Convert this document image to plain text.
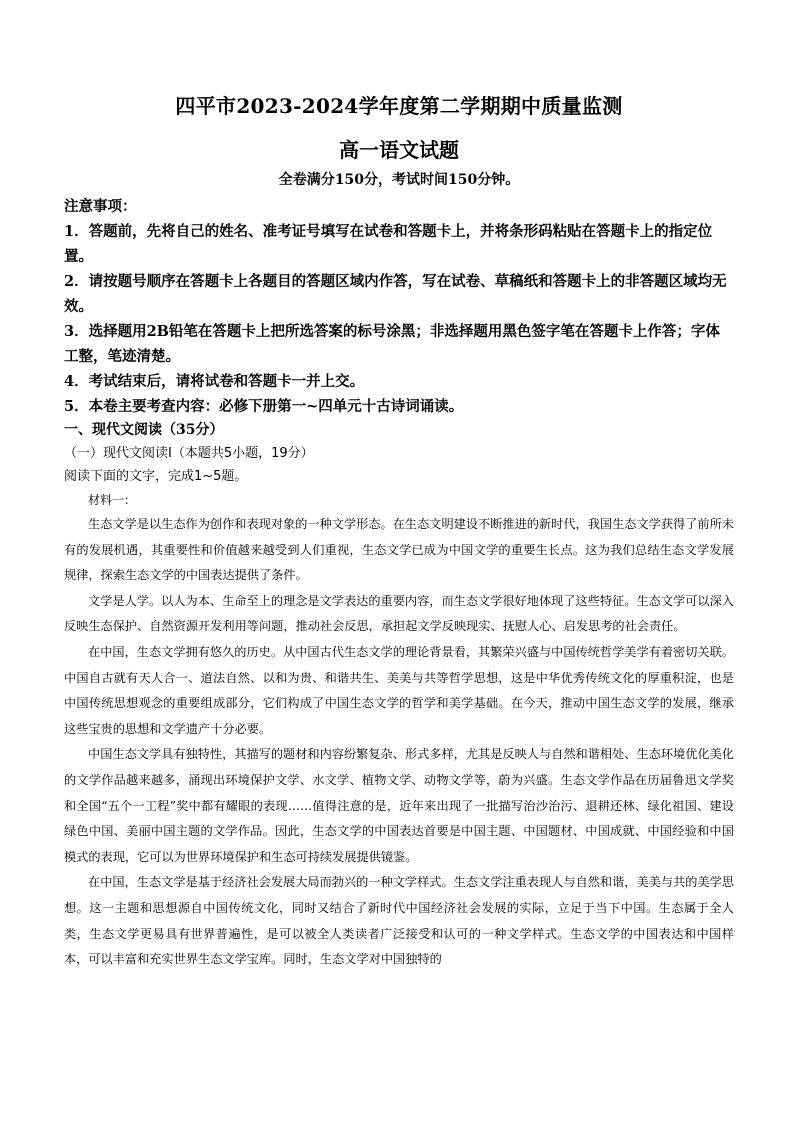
四平市2023-2024学年度第二学期期中质量监测
高一语文试题

全卷满分150分，考试时间150分钟。

注意事项：

1．答题前，先将自己的姓名、准考证号填写在试卷和答题卡上，并将条形码粘贴在答题卡上的指定位置。

2．请按题号顺序在答题卡上各题目的答题区域内作答，写在试卷、草稿纸和答题卡上的非答题区域均无效。

3．选择题用2B铅笔在答题卡上把所选答案的标号涂黑；非选择题用黑色签字笔在答题卡上作答；字体工整，笔迹清楚。

4．考试结束后，请将试卷和答题卡一并上交。

5．本卷主要考查内容：必修下册第一~四单元十古诗词诵读。

一、现代文阅读（35分）

（一）现代文阅读Ⅰ（本题共5小题，19分）

阅读下面的文字，完成1~5题。

材料一：

生态文学是以生态作为创作和表现对象的一种文学形态。在生态文明建设不断推进的新时代，我国生态文学获得了前所未有的发展机遇，其重要性和价值越来越受到人们重视，生态文学已成为中国文学的重要生长点。这为我们总结生态文学发展规律，探索生态文学的中国表达提供了条件。

文学是人学。以人为本、生命至上的理念是文学表达的重要内容，而生态文学很好地体现了这些特征。生态文学可以深入反映生态保护、自然资源开发利用等问题，推动社会反思，承担起文学反映现实、抚慰人心、启发思考的社会责任。

在中国，生态文学拥有悠久的历史。从中国古代生态文学的理论背景看，其繁荣兴盛与中国传统哲学美学有着密切关联。中国自古就有天人合一、道法自然、以和为贵、和谐共生、美美与共等哲学思想，这是中华优秀传统文化的厚重积淀，也是中国传统思想观念的重要组成部分，它们构成了中国生态文学的哲学和美学基础。在今天，推动中国生态文学的发展，继承这些宝贵的思想和文学遗产十分必要。

中国生态文学具有独特性，其描写的题材和内容纷繁复杂、形式多样，尤其是反映人与自然和谐相处、生态环境优化美化的文学作品越来越多，涌现出环境保护文学、水文学、植物文学、动物文学等，蔚为兴盛。生态文学作品在历届鲁迅文学奖和全国“五个一工程”奖中都有耀眼的表现……值得注意的是，近年来出现了一批描写治沙治污、退耕还林、绿化祖国、建设绿色中国、美丽中国主题的文学作品。因此，生态文学的中国表达首要是中国主题、中国题材、中国成就、中国经验和中国模式的表现，它可以为世界环境保护和生态可持续发展提供镜鉴。

在中国，生态文学是基于经济社会发展大局而勃兴的一种文学样式。生态文学注重表现人与自然和谐，美美与共的美学思想。这一主题和思想源自中国传统文化，同时又结合了新时代中国经济社会发展的实际，立足于当下中国。生态属于全人类，生态文学更易具有世界普遍性，是可以被全人类读者广泛接受和认可的一种文学样式。生态文学的中国表达和中国样本，可以丰富和充实世界生态文学宝库。同时，生态文学对中国独特的
